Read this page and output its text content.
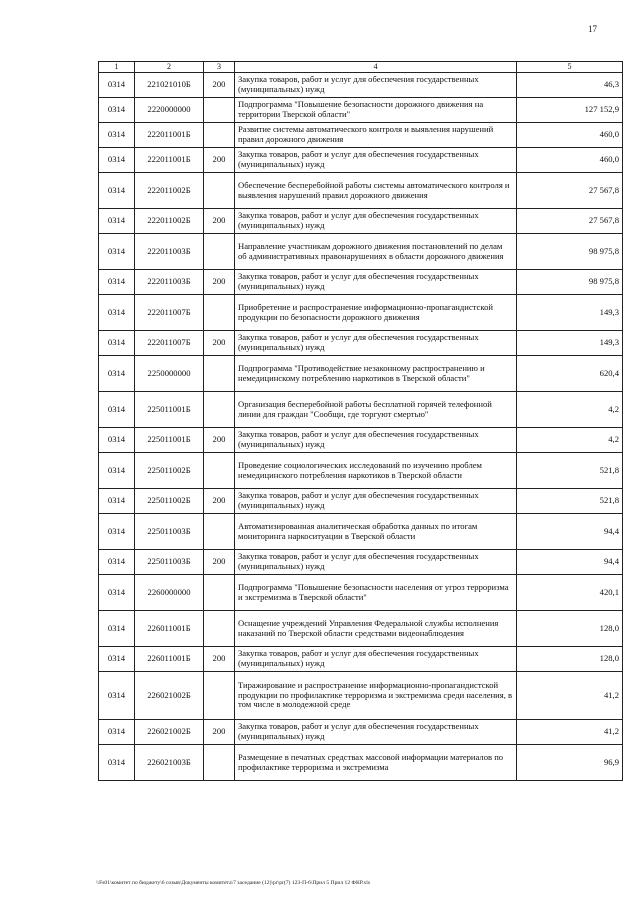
17
1	2	3	4	5
0314	221021010Б	200	Закупка товаров, работ и услуг для обеспечения государственных (муниципальных) нужд	46,3
0314	2220000000		Подпрограмма "Повышение безопасности дорожного движения на территории Тверской области"	127 152,9
0314	222011001Б		Развитие системы автоматического контроля и выявления нарушений правил дорожного движения	460,0
0314	222011001Б	200	Закупка товаров, работ и услуг для обеспечения государственных (муниципальных) нужд	460,0
0314	222011002Б		Обеспечение бесперебойной работы системы автоматического контроля и выявления нарушений правил дорожного движения	27 567,8
0314	222011002Б	200	Закупка товаров, работ и услуг для обеспечения государственных (муниципальных) нужд	27 567,8
0314	222011003Б		Направление участникам дорожного движения постановлений по делам об административных правонарушениях в области дорожного движения	98 975,8
0314	222011003Б	200	Закупка товаров, работ и услуг для обеспечения государственных (муниципальных) нужд	98 975,8
0314	222011007Б		Приобретение и распространение информационно-пропагандистской продукции по безопасности дорожного движения	149,3
0314	222011007Б	200	Закупка товаров, работ и услуг для обеспечения государственных (муниципальных) нужд	149,3
0314	2250000000		Подпрограмма "Противодействие незаконному распространению и немедицинскому потреблению наркотиков в Тверской области"	620,4
0314	225011001Б		Организация бесперебойной работы бесплатной горячей телефонной линии для граждан "Сообщи, где торгуют смертью"	4,2
0314	225011001Б	200	Закупка товаров, работ и услуг для обеспечения государственных (муниципальных) нужд	4,2
0314	225011002Б		Проведение социологических исследований по изучению проблем немедицинского потребления наркотиков в Тверской области	521,8
0314	225011002Б	200	Закупка товаров, работ и услуг для обеспечения государственных (муниципальных) нужд	521,8
0314	225011003Б		Автоматизированная аналитическая обработка данных по итогам мониторинга наркоситуации в Тверской области	94,4
0314	225011003Б	200	Закупка товаров, работ и услуг для обеспечения государственных (муниципальных) нужд	94,4
0314	2260000000		Подпрограмма "Повышение безопасности населения от угроз терроризма и экстремизма в Тверской области"	420,1
0314	226011001Б		Оснащение учреждений Управления Федеральной службы исполнения наказаний по Тверской области средствами видеонаблюдения	128,0
0314	226011001Б	200	Закупка товаров, работ и услуг для обеспечения государственных (муниципальных) нужд	128,0
0314	226021002Б		Тиражирование и распространение информационно-пропагандистской продукции по профилактике терроризма и экстремизма среди населения, в том числе в молодежной среде	41,2
0314	226021002Б	200	Закупка товаров, работ и услуг для обеспечения государственных (муниципальных) нужд	41,2
0314	226021003Б		Размещение в печатных средствах массовой информации материалов по профилактике терроризма и экстремизма	96,9
\\Fs01\комитет по бюджету\6 созыв\Документы комитета\7 заседание (12)\pr\pr(7) 123-П-6\Прил 5 Прил 12 ФКР.xls
